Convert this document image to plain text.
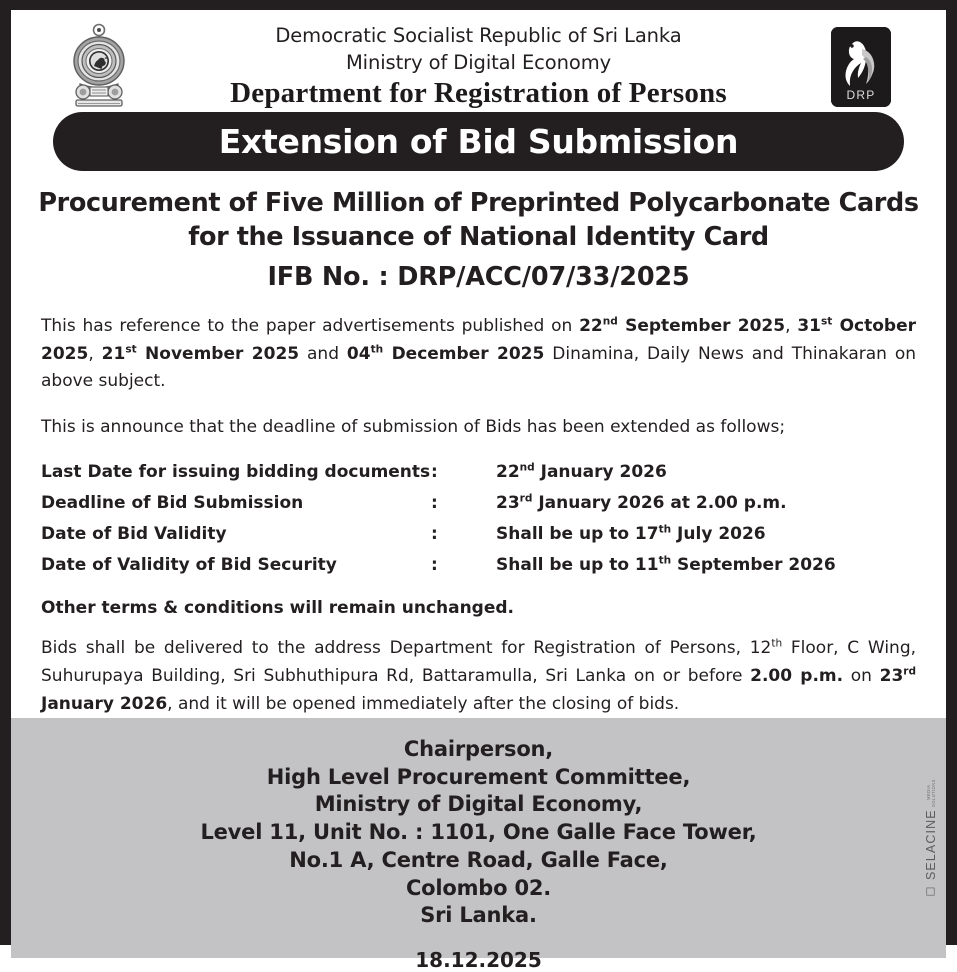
DRP
Democratic Socialist Republic of Sri Lanka
Ministry of Digital Economy
Department for Registration of Persons
Extension of Bid Submission
Procurement of Five Million of Preprinted Polycarbonate Cards for the Issuance of National Identity Card
IFB No. : DRP/ACC/07/33/2025

This has reference to the paper advertisements published on 22nd September 2025, 31st October 2025, 21st November 2025 and 04th December 2025 Dinamina, Daily News and Thinakaran on above subject.

This is announce that the deadline of submission of Bids has been extended as follows;

Last Date for issuing bidding documents	:	22nd January 2026
Deadline of Bid Submission	:	23rd January 2026 at 2.00 p.m.
Date of Bid Validity	:	Shall be up to 17th July 2026
Date of Validity of Bid Security	:	Shall be up to 11th September 2026
Other terms & conditions will remain unchanged.

Bids shall be delivered to the address Department for Registration of Persons, 12th Floor, C Wing, Suhurupaya Building, Sri Subhuthipura Rd, Battaramulla, Sri Lanka on or before 2.00 p.m. on 23rd January 2026, and it will be opened immediately after the closing of bids.

Chairperson,
High Level Procurement Committee,
Ministry of Digital Economy,
Level 11, Unit No. : 1101, One Galle Face Tower,
No.1 A, Centre Road, Galle Face,
Colombo 02.
Sri Lanka.
18.12.2025
☐
SELACINE
MEDIA SOLUTIONS
